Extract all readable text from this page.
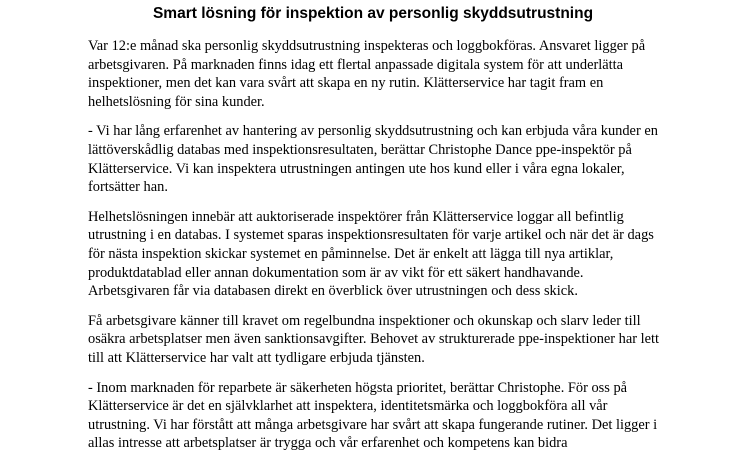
Smart lösning för inspektion av personlig skyddsutrustning

Var 12:e månad ska personlig skyddsutrustning inspekteras och loggbokföras. Ansvaret ligger på arbetsgivaren. På marknaden finns idag ett flertal anpassade digitala system för att underlätta inspektioner, men det kan vara svårt att skapa en ny rutin. Klätterservice har tagit fram en helhetslösning för sina kunder.

- Vi har lång erfarenhet av hantering av personlig skyddsutrustning och kan erbjuda våra kunder en lättöverskådlig databas med inspektionsresultaten, berättar Christophe Dance ppe-inspektör på Klätterservice. Vi kan inspektera utrustningen antingen ute hos kund eller i våra egna lokaler, fortsätter han.

Helhetslösningen innebär att auktoriserade inspektörer från Klätterservice loggar all befintlig utrustning i en databas. I systemet sparas inspektionsresultaten för varje artikel och när det är dags för nästa inspektion skickar systemet en påminnelse. Det är enkelt att lägga till nya artiklar, produktdatablad eller annan dokumentation som är av vikt för ett säkert handhavande. Arbetsgivaren får via databasen direkt en överblick över utrustningen och dess skick.

Få arbetsgivare känner till kravet om regelbundna inspektioner och okunskap och slarv leder till osäkra arbetsplatser men även sanktionsavgifter. Behovet av strukturerade ppe-inspektioner har lett till att Klätterservice har valt att tydligare erbjuda tjänsten.

- Inom marknaden för reparbete är säkerheten högsta prioritet, berättar Christophe. För oss på Klätterservice är det en självklarhet att inspektera, identitetsmärka och loggbokföra all vår utrustning. Vi har förstått att många arbetsgivare har svårt att skapa fungerande rutiner. Det ligger i allas intresse att arbetsplatser är trygga och vår erfarenhet och kompetens kan bidra
